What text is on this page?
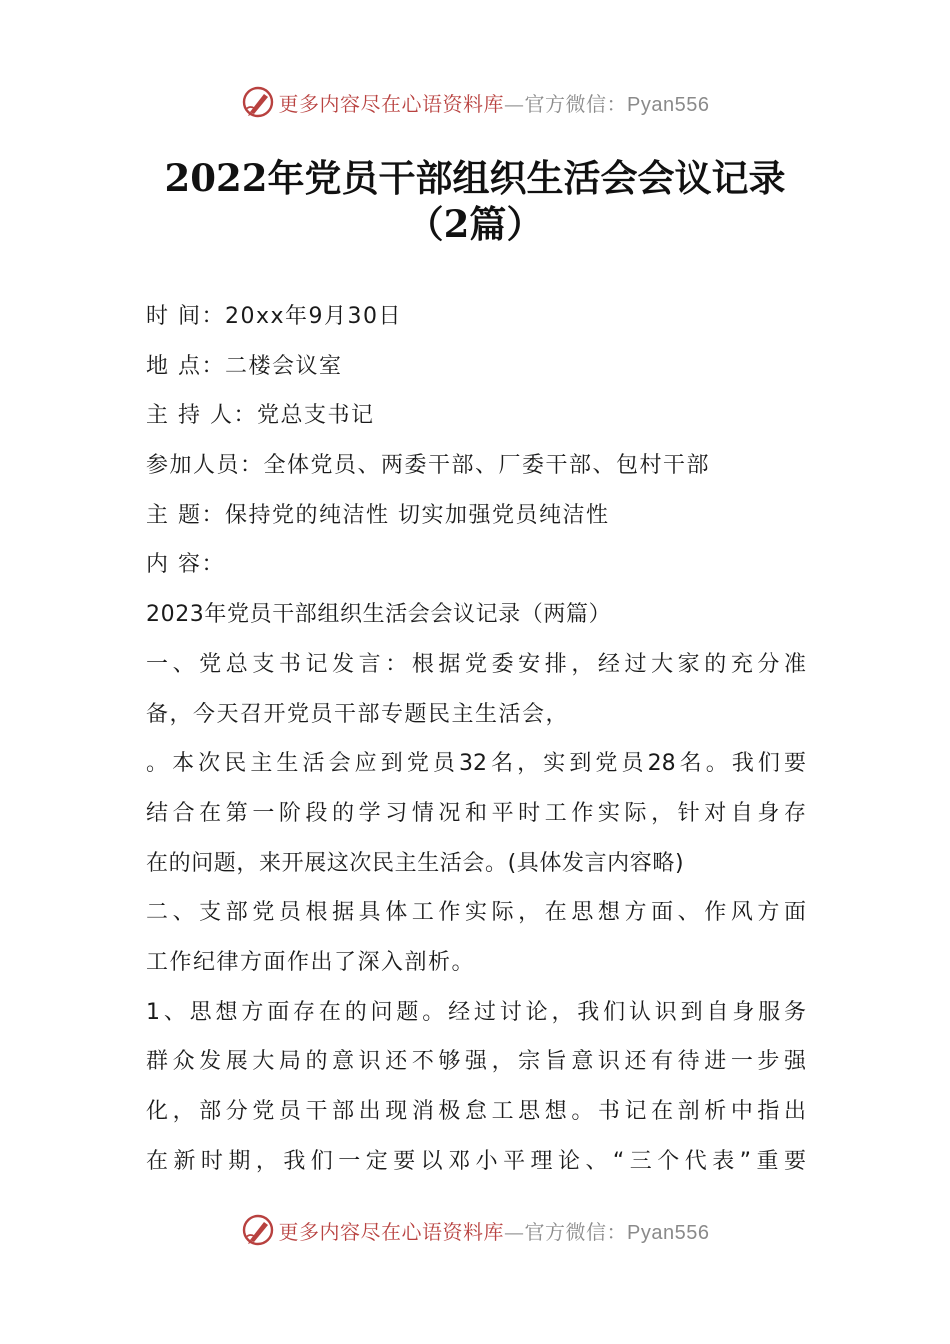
更多内容尽在心语资料库—官方微信：Pyan556
2022年党员干部组织生活会会议记录
（2篇）
时 间：20xx年9月30日
地 点：二楼会议室
主 持 人：党总支书记
参加人员：全体党员、两委干部、厂委干部、包村干部
主 题：保持党的纯洁性 切实加强党员纯洁性
内 容：
2023年党员干部组织生活会会议记录（两篇）
一、党总支书记发言：根据党委安排，经过大家的充分准
备，今天召开党员干部专题民主生活会，
。本次民主生活会应到党员32名，实到党员28名。我们要
结合在第一阶段的学习情况和平时工作实际，针对自身存
在的问题，来开展这次民主生活会。(具体发言内容略)
二、支部党员根据具体工作实际，在思想方面、作风方面
工作纪律方面作出了深入剖析。
1、思想方面存在的问题。经过讨论，我们认识到自身服务
群众发展大局的意识还不够强，宗旨意识还有待进一步强
化，部分党员干部出现消极怠工思想。书记在剖析中指出
在新时期，我们一定要以邓小平理论、“三个代表”重要
更多内容尽在心语资料库—官方微信：Pyan556
